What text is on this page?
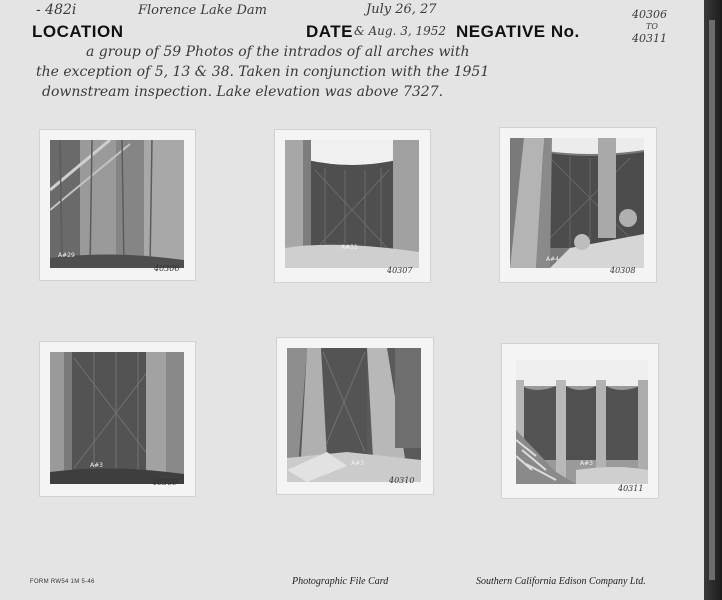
- 482i	Florence Lake Dam	July 26, 27	40306
TO
40311
LOCATION	DATE & Aug. 3, 1952 NEGATIVE No.
a group of 59 Photos of the intrados of all arches with
the exception of 5, 13 & 38. Taken in conjunction with the 1951
downstream inspection. Lake elevation was above 7327.
A#29
40306
A#31
40307
A#4
40308
A#3
40309
A#3
40310
A#3
40311
FORM RW54 1M 5-46	Photographic File Card	Southern California Edison Company Ltd.
